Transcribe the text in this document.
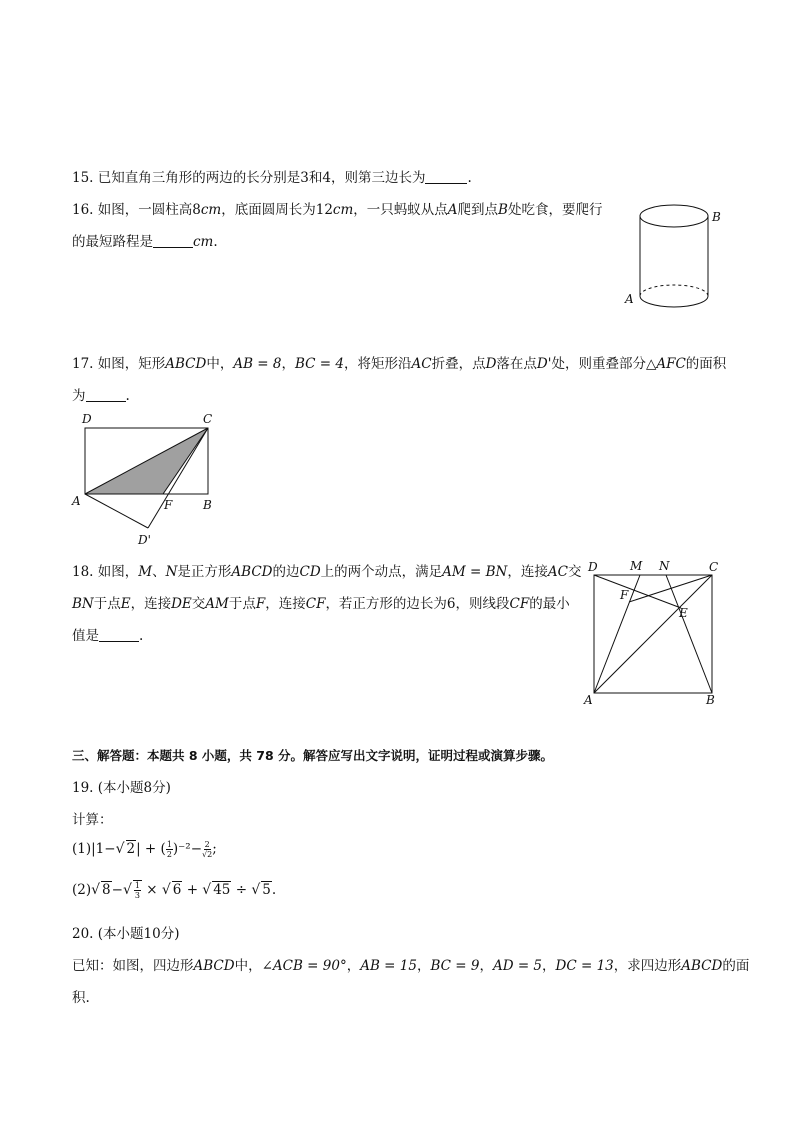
15. 已知直角三角形的两边的长分别是3和4，则第三边长为	.
16. 如图，一圆柱高8cm，底面圆周长为12cm，一只蚂蚁从点A爬到点B处吃食，要爬行
的最短路程是	cm.
B
A
17. 如图，矩形ABCD中，AB = 8，BC = 4，将矩形沿AC折叠，点D落在点D'处，则重叠部分△AFC的面积
为	.
D	C
A	F	B
D'
18. 如图，M、N是正方形ABCD的边CD上的两个动点，满足AM = BN，连接AC交
BN于点E，连接DE交AM于点F，连接CF，若正方形的边长为6，则线段CF的最小
值是	.
D	M N	C
F
E
A	B
三、解答题：本题共 8 小题，共 78 分。解答应写出文字说明，证明过程或演算步骤。
19. (本小题8分)
计算：
(1)|1−√ 2| + ( $\frac{1}{2} )^{-2}- \frac{2}{√2}$ ;
(2)√ $8-√ \frac{1}{3}$ × √ 6 + √ 45 ÷ √ 5.
20. (本小题10分)
已知：如图，四边形ABCD中，∠ACB = 90°，AB = 15，BC = 9，AD = 5，DC = 13，求四边形ABCD的面
积.
